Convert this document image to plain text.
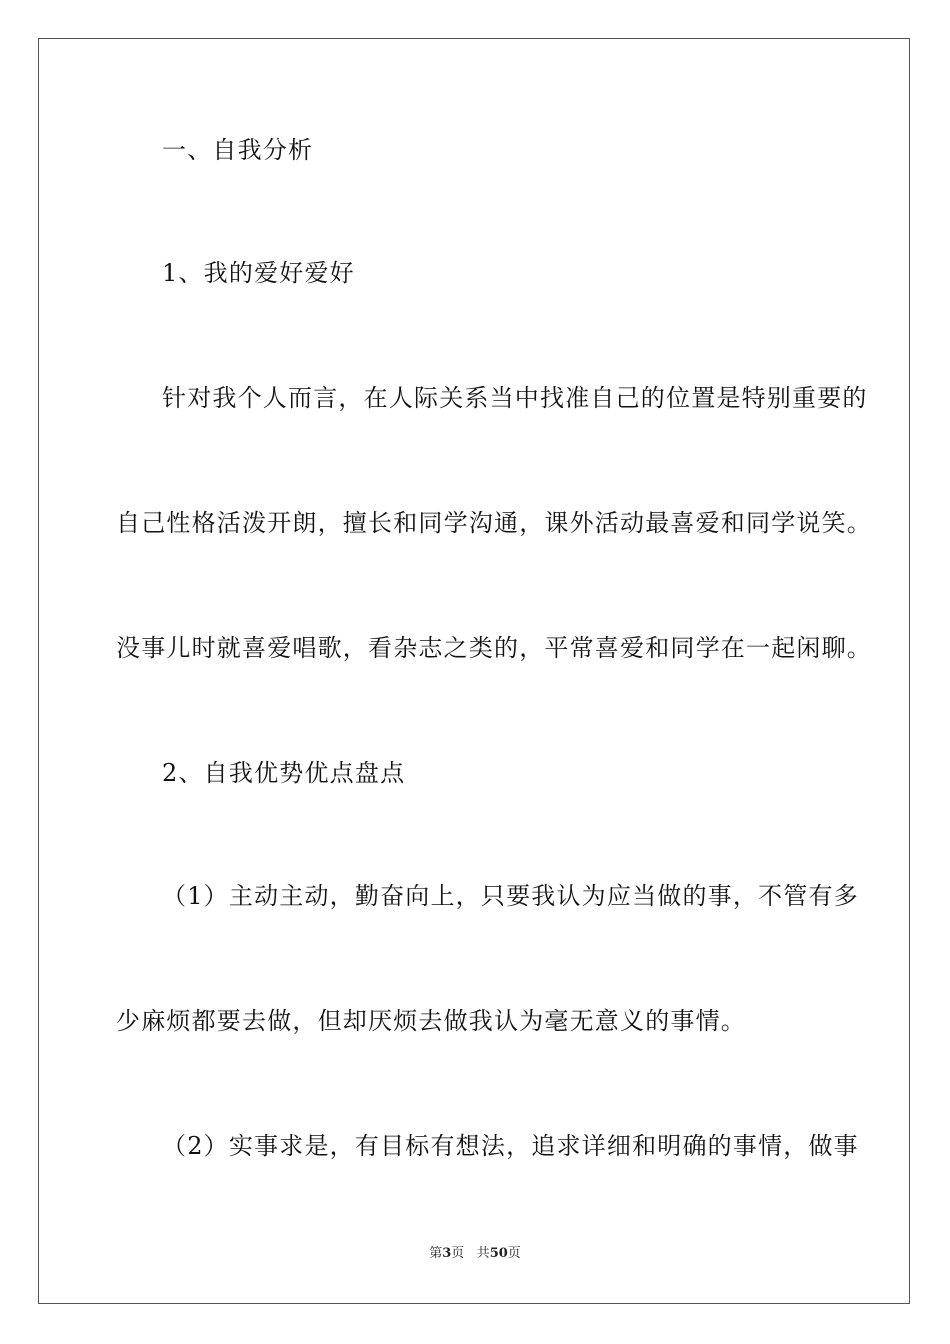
一、自我分析
1、我的爱好爱好
针对我个人而言，在人际关系当中找准自己的位置是特别重要的
自己性格活泼开朗，擅长和同学沟通，课外活动最喜爱和同学说笑。
没事儿时就喜爱唱歌，看杂志之类的，平常喜爱和同学在一起闲聊。
2、自我优势优点盘点
（1）主动主动，勤奋向上，只要我认为应当做的事，不管有多
少麻烦都要去做，但却厌烦去做我认为毫无意义的事情。
（2）实事求是，有目标有想法，追求详细和明确的事情，做事
第3页 共50页
